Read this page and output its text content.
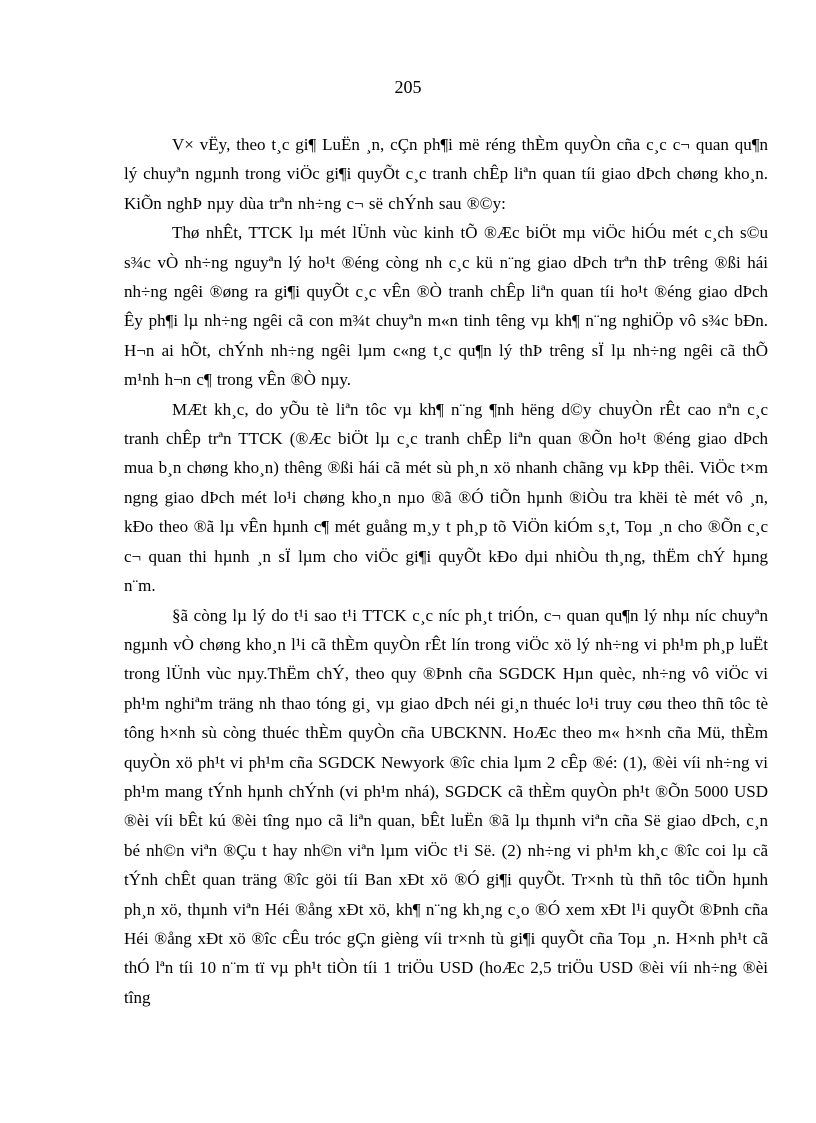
205

V× vËy, theo t¸c gi¶ LuËn ¸n, cÇn ph¶i më réng thÈm quyÒn cña c¸c c¬ quan qu¶n lý chuyªn ngµnh trong viÖc gi¶i quyÕt c¸c tranh chÊp liªn quan tíi giao dÞch chøng kho¸n. KiÕn nghÞ nµy dùa trªn nh÷ng c¬ së chÝnh sau ®©y:

Thø nhÊt, TTCK lµ mét lÜnh vùc kinh tÕ ®Æc biÖt mµ viÖc hiÓu mét c¸ch s©u s¾c vÒ nh÷ng nguyªn lý ho¹t ®éng còng nh c¸c kü n¨ng giao dÞch trªn thÞ trêng ®ßi hái nh÷ng ngêi ®øng ra gi¶i quyÕt c¸c vÊn ®Ò tranh chÊp liªn quan tíi ho¹t ®éng giao dÞch Êy ph¶i lµ nh÷ng ngêi cã con m¾t chuyªn m«n tinh têng vµ kh¶ n¨ng nghiÖp vô s¾c bÐn. H¬n ai hÕt, chÝnh nh÷ng ngêi lµm c«ng t¸c qu¶n lý thÞ trêng sÏ lµ nh÷ng ngêi cã thÕ m¹nh h¬n c¶ trong vÊn ®Ò nµy.

MÆt kh¸c, do yÕu tè liªn tôc vµ kh¶ n¨ng ¶nh hëng d©y chuyÒn rÊt cao nªn c¸c tranh chÊp trªn TTCK (®Æc biÖt lµ c¸c tranh chÊp liªn quan ®Õn ho¹t ®éng giao dÞch mua b¸n chøng kho¸n) thêng ®ßi hái cã mét sù ph¸n xö nhanh chãng vµ kÞp thêi. ViÖc t×m ngng giao dÞch mét lo¹i chøng kho¸n nµo ®ã ®Ó tiÕn hµnh ®iÒu tra khëi tè mét vô ¸n, kÐo theo ®ã lµ vÊn hµnh c¶ mét guång m¸y t ph¸p tõ ViÖn kiÓm s¸t, Toµ ¸n cho ®Õn c¸c c¬ quan thi hµnh ¸n sÏ lµm cho viÖc gi¶i quyÕt kÐo dµi nhiÒu th¸ng, thËm chÝ hµng n¨m.

§ã còng lµ lý do t¹i sao t¹i TTCK c¸c níc ph¸t triÓn, c¬ quan qu¶n lý nhµ níc chuyªn ngµnh vÒ chøng kho¸n l¹i cã thÈm quyÒn rÊt lín trong viÖc xö lý nh÷ng vi ph¹m ph¸p luËt trong lÜnh vùc nµy.ThËm chÝ, theo quy ®Þnh cña SGDCK Hµn quèc, nh÷ng vô viÖc vi ph¹m nghiªm träng nh thao tóng gi¸ vµ giao dÞch néi gi¸n thuéc lo¹i truy cøu theo thñ tôc tè tông h×nh sù còng thuéc thÈm quyÒn cña UBCKNN. HoÆc theo m« h×nh cña Mü, thÈm quyÒn xö ph¹t vi ph¹m cña SGDCK Newyork ®îc chia lµm 2 cÊp ®é: (1), ®èi víi nh÷ng vi ph¹m mang tÝnh hµnh chÝnh (vi ph¹m nhá), SGDCK cã thÈm quyÒn ph¹t ®Õn 5000 USD ®èi víi bÊt kú ®èi tîng nµo cã liªn quan, bÊt luËn ®ã lµ thµnh viªn cña Së giao dÞch, c¸n bé nh©n viªn ®Çu t hay nh©n viªn lµm viÖc t¹i Së. (2) nh÷ng vi ph¹m kh¸c ®îc coi lµ cã tÝnh chÊt quan träng ®îc göi tíi Ban xÐt xö ®Ó gi¶i quyÕt. Tr×nh tù thñ tôc tiÕn hµnh ph¸n xö, thµnh viªn Héi ®ång xÐt xö, kh¶ n¨ng kh¸ng c¸o ®Ó xem xÐt l¹i quyÕt ®Þnh cña Héi ®ång xÐt xö ®îc cÊu tróc gÇn gièng víi tr×nh tù gi¶i quyÕt cña Toµ ¸n. H×nh ph¹t cã thÓ lªn tíi 10 n¨m tï vµ ph¹t tiÒn tíi 1 triÖu USD (hoÆc 2,5 triÖu USD ®èi víi nh÷ng ®èi tîng
